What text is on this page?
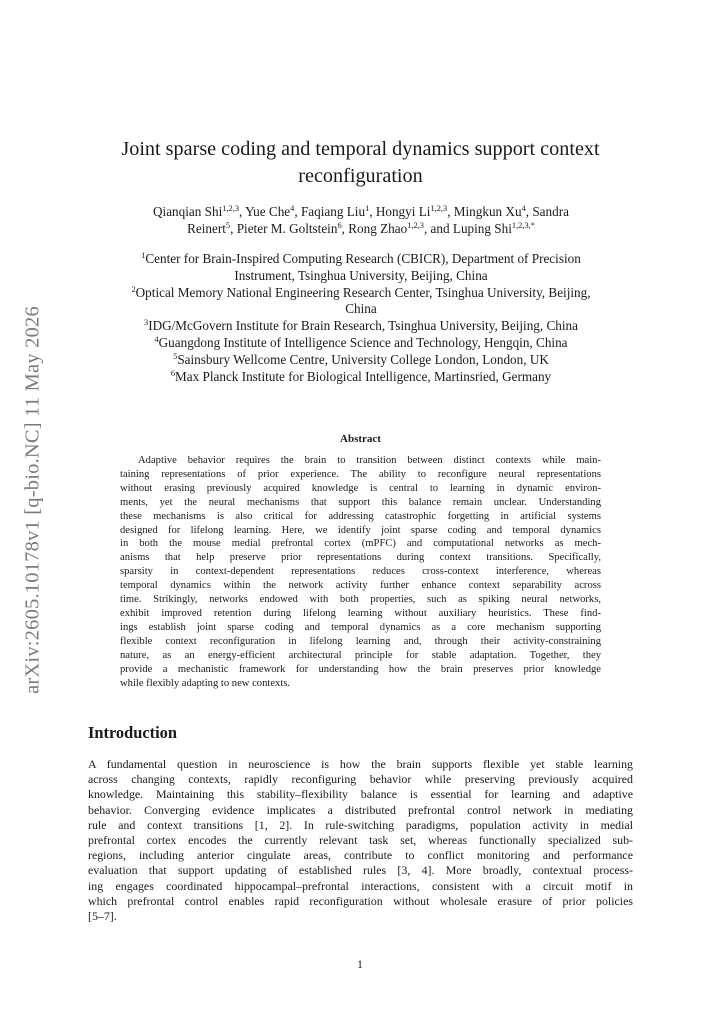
arXiv:2605.10178v1 [q-bio.NC] 11 May 2026
Joint sparse coding and temporal dynamics support context
reconfiguration
Qianqian Shi$^{1,2,3}$, Yue Che$^4$, Faqiang Liu$^1$, Hongyi Li$^{1,2,3}$, Mingkun Xu$^4$, Sandra
Reinert$^5$, Pieter M. Goltstein$^6$, Rong Zhao$^{1,2,3}$, and Luping Shi$^{1,2,3,*}$
$^1$Center for Brain-Inspired Computing Research (CBICR), Department of Precision
Instrument, Tsinghua University, Beijing, China
$^2$Optical Memory National Engineering Research Center, Tsinghua University, Beijing,
China
$^3$IDG/McGovern Institute for Brain Research, Tsinghua University, Beijing, China
$^4$Guangdong Institute of Intelligence Science and Technology, Hengqin, China
$^5$Sainsbury Wellcome Centre, University College London, London, UK
$^6$Max Planck Institute for Biological Intelligence, Martinsried, Germany
Abstract
Adaptive behavior requires the brain to transition between distinct contexts while main-
taining representations of prior experience. The ability to reconfigure neural representations
without erasing previously acquired knowledge is central to learning in dynamic environ-
ments, yet the neural mechanisms that support this balance remain unclear. Understanding
these mechanisms is also critical for addressing catastrophic forgetting in artificial systems
designed for lifelong learning. Here, we identify joint sparse coding and temporal dynamics
in both the mouse medial prefrontal cortex (mPFC) and computational networks as mech-
anisms that help preserve prior representations during context transitions. Specifically,
sparsity in context-dependent representations reduces cross-context interference, whereas
temporal dynamics within the network activity further enhance context separability across
time. Strikingly, networks endowed with both properties, such as spiking neural networks,
exhibit improved retention during lifelong learning without auxiliary heuristics. These find-
ings establish joint sparse coding and temporal dynamics as a core mechanism supporting
flexible context reconfiguration in lifelong learning and, through their activity-constraining
nature, as an energy-efficient architectural principle for stable adaptation. Together, they
provide a mechanistic framework for understanding how the brain preserves prior knowledge
while flexibly adapting to new contexts.
Introduction
A fundamental question in neuroscience is how the brain supports flexible yet stable learning
across changing contexts, rapidly reconfiguring behavior while preserving previously acquired
knowledge. Maintaining this stability–flexibility balance is essential for learning and adaptive
behavior. Converging evidence implicates a distributed prefrontal control network in mediating
rule and context transitions [1, 2]. In rule-switching paradigms, population activity in medial
prefrontal cortex encodes the currently relevant task set, whereas functionally specialized sub-
regions, including anterior cingulate areas, contribute to conflict monitoring and performance
evaluation that support updating of established rules [3, 4]. More broadly, contextual process-
ing engages coordinated hippocampal–prefrontal interactions, consistent with a circuit motif in
which prefrontal control enables rapid reconfiguration without wholesale erasure of prior policies
[5–7].
1
